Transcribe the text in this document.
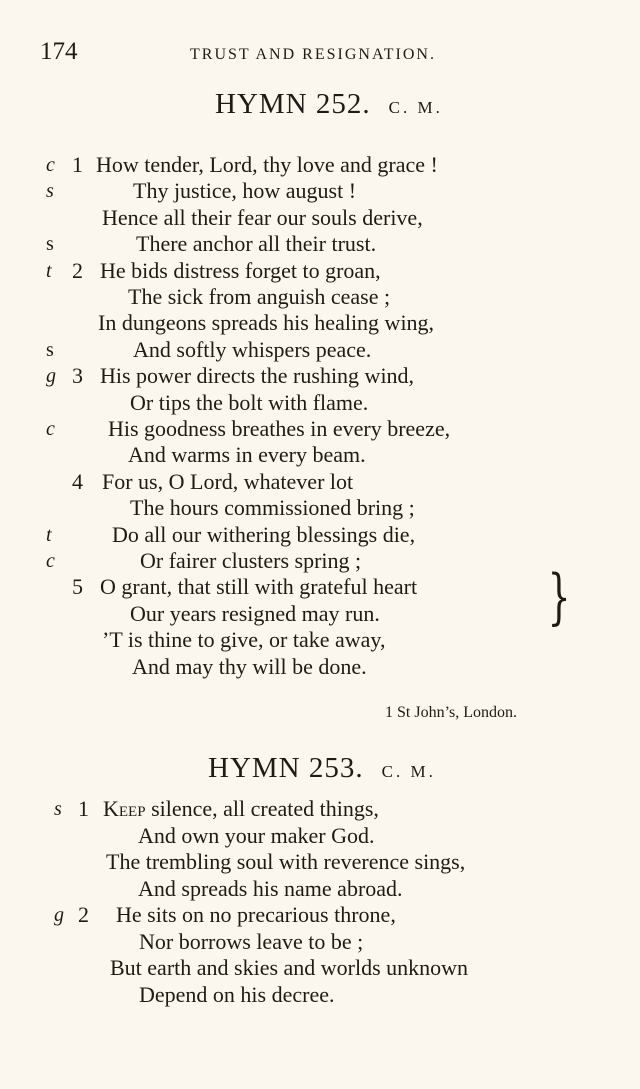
174	TRUST AND RESIGNATION.
HYMN 252. C. M.
c 1 How tender, Lord, thy love and grace !
s	Thy justice, how august !
Hence all their fear our souls derive,
s	There anchor all their trust.
t 2 He bids distress forget to groan,
The sick from anguish cease ;
In dungeons spreads his healing wing,
s	And softly whispers peace.
g 3 His power directs the rushing wind,
Or tips the bolt with flame.
c His goodness breathes in every breeze,
And warms in every beam.
4 For us, O Lord, whatever lot
The hours commissioned bring ;
t	Do all our withering blessings die,
c	Or fairer clusters spring ;
5 O grant, that still with grateful heart
Our years resigned may run.
’T is thine to give, or take away,
And may thy will be done.
}
1 St John’s, London.
HYMN 253. C. M.
s 1 Keep silence, all created things,
And own your maker God.
The trembling soul with reverence sings,
And spreads his name abroad.
g 2 He sits on no precarious throne,
Nor borrows leave to be ;
But earth and skies and worlds unknown
Depend on his decree.
